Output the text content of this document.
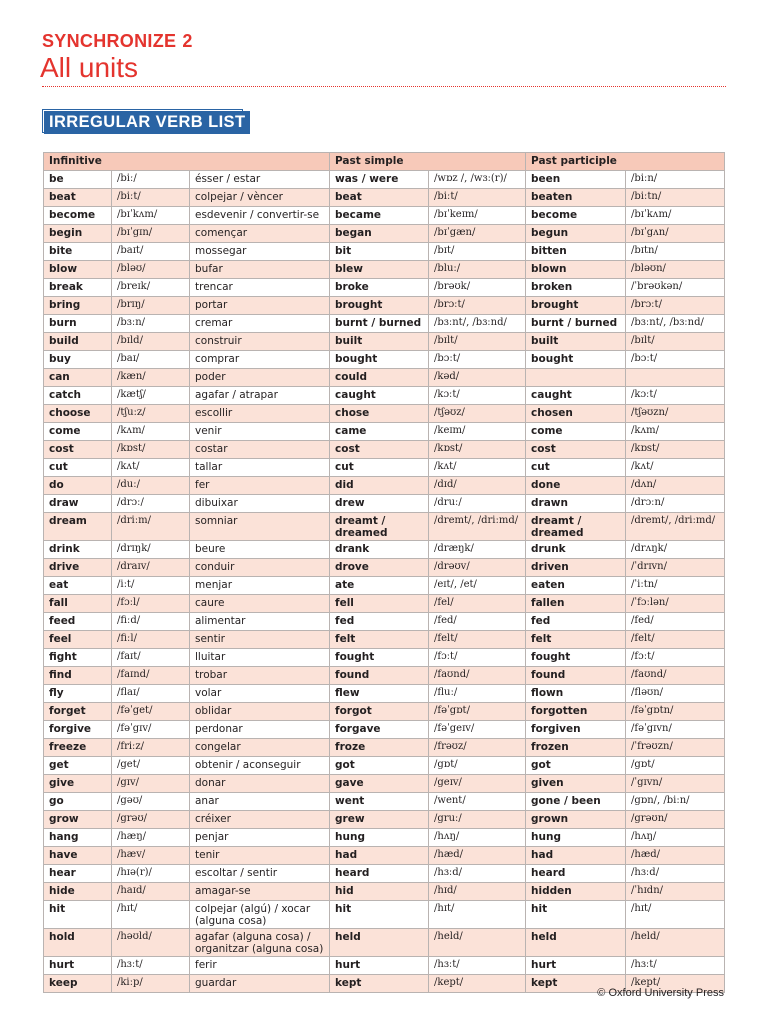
SYNCHRONIZE 2
All units
IRREGULAR VERB LIST
Infinitive			Past simple		Past participle	
be	/biː/	ésser / estar	was / were	/wɒz /, /wɜː(r)/	been	/biːn/
beat	/biːt/	colpejar / vèncer	beat	/biːt/	beaten	/biːtn/
become	/bɪˈkʌm/	esdevenir / convertir-se	became	/bɪˈkeɪm/	become	/bɪˈkʌm/
begin	/bɪˈgɪn/	començar	began	/bɪˈgæn/	begun	/bɪˈgʌn/
bite	/baɪt/	mossegar	bit	/bɪt/	bitten	/bɪtn/
blow	/bləʊ/	bufar	blew	/bluː/	blown	/bləʊn/
break	/breɪk/	trencar	broke	/brəʊk/	broken	/ˈbrəʊkən/
bring	/brɪŋ/	portar	brought	/brɔːt/	brought	/brɔːt/
burn	/bɜːn/	cremar	burnt / burned	/bɜːnt/, /bɜːnd/	burnt / burned	/bɜːnt/, /bɜːnd/
build	/bɪld/	construir	built	/bɪlt/	built	/bɪlt/
buy	/baɪ/	comprar	bought	/bɔːt/	bought	/bɔːt/
can	/kæn/	poder	could	/kəd/		
catch	/kætʃ/	agafar / atrapar	caught	/kɔːt/	caught	/kɔːt/
choose	/tʃuːz/	escollir	chose	/tʃəʊz/	chosen	/tʃəʊzn/
come	/kʌm/	venir	came	/keɪm/	come	/kʌm/
cost	/kɒst/	costar	cost	/kɒst/	cost	/kɒst/
cut	/kʌt/	tallar	cut	/kʌt/	cut	/kʌt/
do	/duː/	fer	did	/dɪd/	done	/dʌn/
draw	/drɔː/	dibuixar	drew	/druː/	drawn	/drɔːn/
dream	/driːm/	somniar	dreamt / dreamed	/dremt/, /driːmd/	dreamt / dreamed	/dremt/, /driːmd/
drink	/drɪŋk/	beure	drank	/dræŋk/	drunk	/drʌŋk/
drive	/draɪv/	conduir	drove	/drəʊv/	driven	/ˈdrɪvn/
eat	/iːt/	menjar	ate	/eɪt/, /et/	eaten	/ˈiːtn/
fall	/fɔːl/	caure	fell	/fel/	fallen	/ˈfɔːlən/
feed	/fiːd/	alimentar	fed	/fed/	fed	/fed/
feel	/fiːl/	sentir	felt	/felt/	felt	/felt/
fight	/faɪt/	lluitar	fought	/fɔːt/	fought	/fɔːt/
find	/faɪnd/	trobar	found	/faʊnd/	found	/faʊnd/
fly	/flaɪ/	volar	flew	/fluː/	flown	/fləʊn/
forget	/fəˈget/	oblidar	forgot	/fəˈgɒt/	forgotten	/fəˈgɒtn/
forgive	/fəˈgɪv/	perdonar	forgave	/fəˈgeɪv/	forgiven	/fəˈgɪvn/
freeze	/friːz/	congelar	froze	/frəʊz/	frozen	/ˈfrəʊzn/
get	/get/	obtenir / aconseguir	got	/gɒt/	got	/gɒt/
give	/gɪv/	donar	gave	/geɪv/	given	/ˈgɪvn/
go	/gəʊ/	anar	went	/went/	gone / been	/gɒn/, /biːn/
grow	/grəʊ/	créixer	grew	/gruː/	grown	/grəʊn/
hang	/hæŋ/	penjar	hung	/hʌŋ/	hung	/hʌŋ/
have	/hæv/	tenir	had	/hæd/	had	/hæd/
hear	/hɪə(r)/	escoltar / sentir	heard	/hɜːd/	heard	/hɜːd/
hide	/haɪd/	amagar-se	hid	/hɪd/	hidden	/ˈhɪdn/
hit	/hɪt/	colpejar (algú) / xocar (alguna cosa)	hit	/hɪt/	hit	/hɪt/
hold	/həʊld/	agafar (alguna cosa) / organitzar (alguna cosa)	held	/held/	held	/held/
hurt	/hɜːt/	ferir	hurt	/hɜːt/	hurt	/hɜːt/
keep	/kiːp/	guardar	kept	/kept/	kept	/kept/
© Oxford University Press
